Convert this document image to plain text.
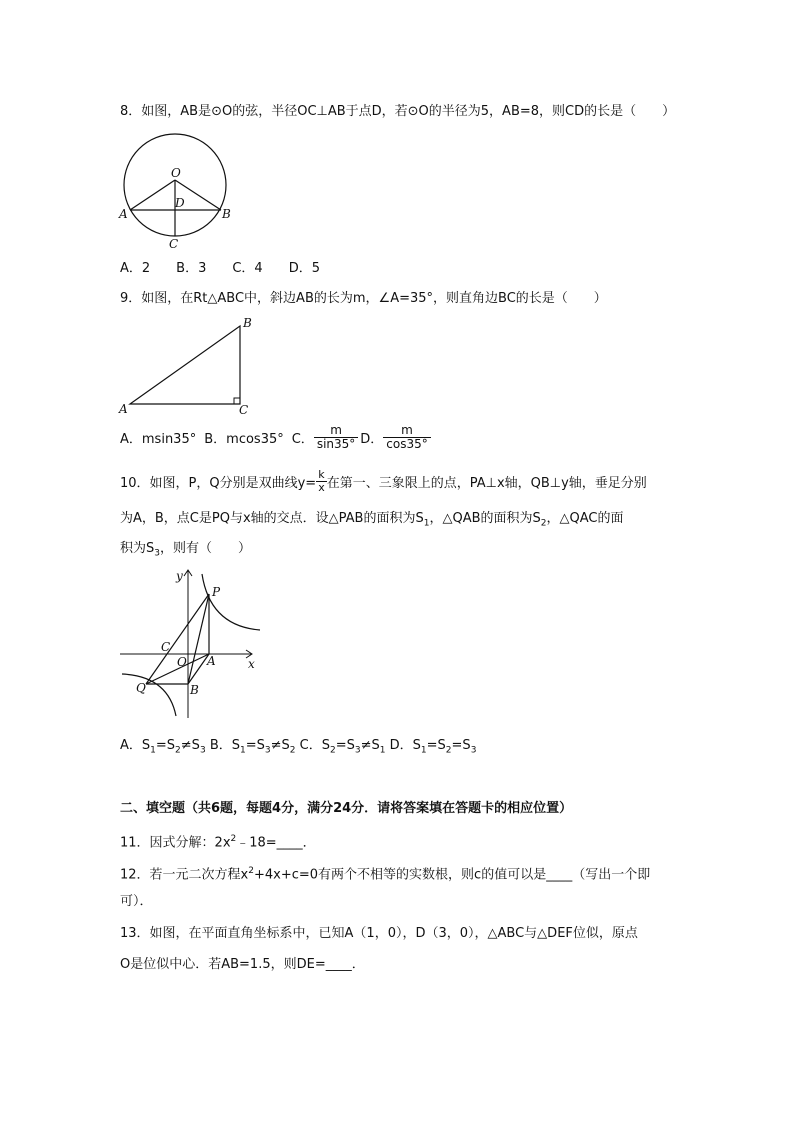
8．如图，AB是⊙O的弦，半径OC⊥AB于点D，若⊙O的半径为5，AB=8，则CD的长是（　　）
O
D
A	B
C
A．2　　B．3　　C．4　　D．5
9．如图，在Rt△ABC中，斜边AB的长为m，∠A=35°，则直角边BC的长是（　　）
A
B
C
A．msin35° B．mcos35° C． $\frac{m}{\sin 35^\circ}$ D． $\frac{m}{\cos 35^\circ}$
10．如图，P，Q分别是双曲线$y= \frac{k}{x}$ 在第一、三象限上的点，PA⊥x轴，QB⊥y轴，垂足分别
为A，B，点C是PQ与x轴的交点．设△PAB的面积为$S_1$，△QAB的面积为$S_2$，△QAC的面
积为$S_3$，则有（　　）
y
x
P
C
O A
Q	B
A．$S_1=S_2\ne S_3$ B．$S_1=S_3\ne S_2$ C．$S_2=S_3\ne S_1$ D．$S_1=S_2=S_3$
二、填空题（共6题，每题4分，满分24分．请将答案填在答题卡的相应位置）
11．因式分解：$2x^2﹣18=\_\_\_\_$．
12．若一元二次方程$x^2+4x+c=0$有两个不相等的实数根，则c的值可以是____（写出一个即
可）．
13．如图，在平面直角坐标系中，已知A（1，0），D（3，0），△ABC与△DEF位似，原点
O是位似中心．若AB=1.5，则DE=____．
